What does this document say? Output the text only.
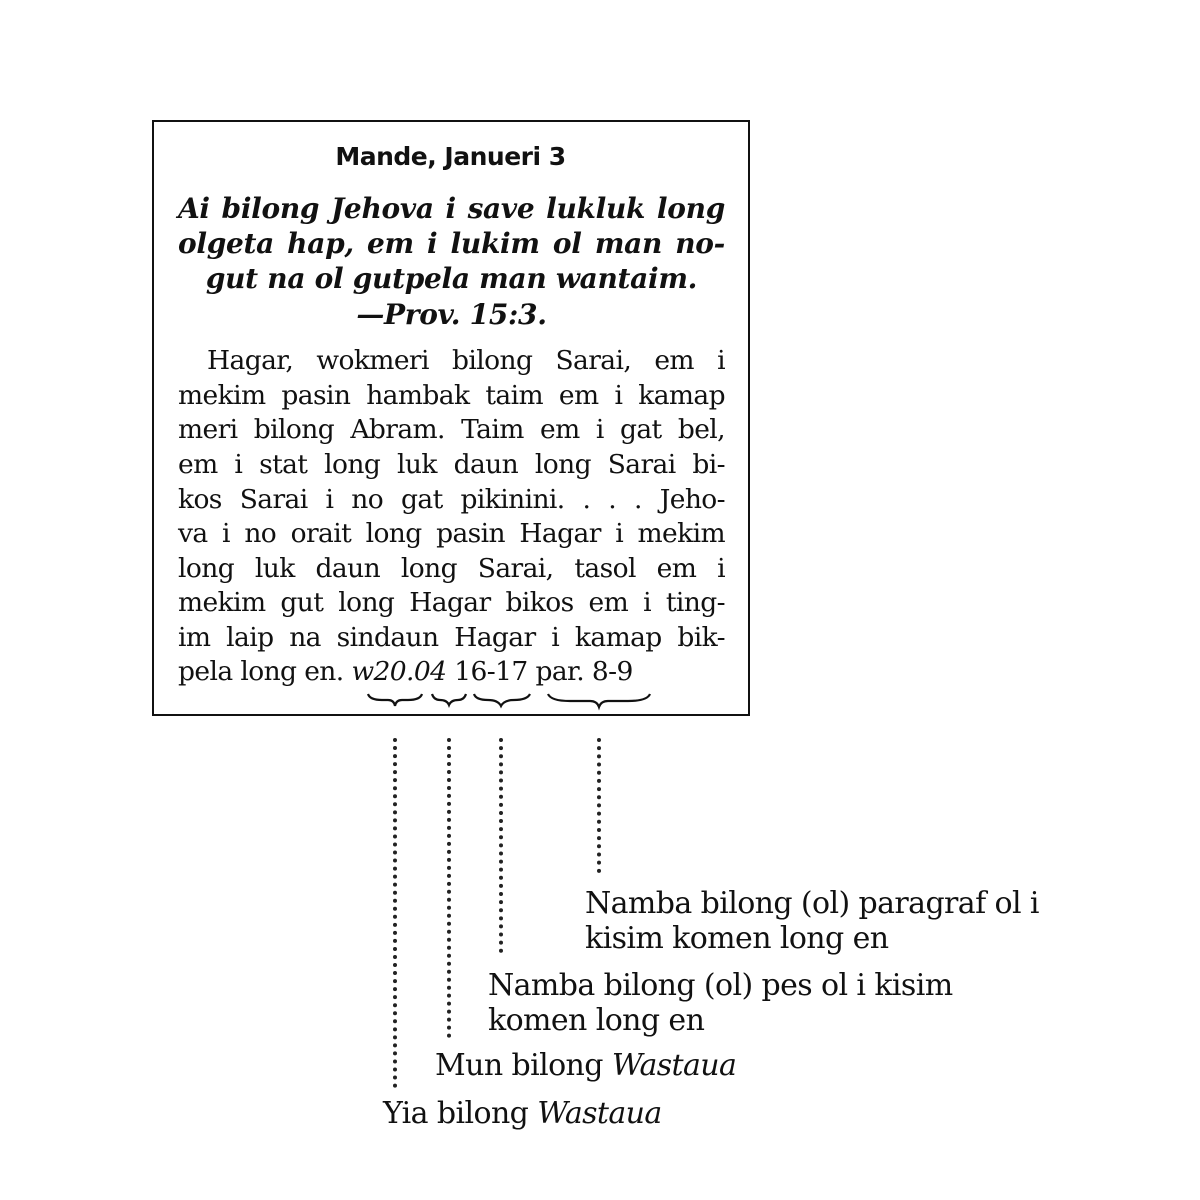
Mande, Janueri 3
Ai bilong Jehova i save lukluk long
olgeta hap, em i lukim ol man no-
gut na ol gutpela man wantaim.
—Prov. 15:3.
Hagar, wokmeri bilong Sarai, em i
mekim pasin hambak taim em i kamap
meri bilong Abram. Taim em i gat bel,
em i stat long luk daun long Sarai bi-
kos Sarai i no gat pikinini. . . . Jeho-
va i no orait long pasin Hagar i mekim
long luk daun long Sarai, tasol em i
mekim gut long Hagar bikos em i ting-
im laip na sindaun Hagar i kamap bik-
pela long en. w20.04 16-17 par. 8-9
Namba bilong (ol) paragraf ol i
kisim komen long en
Namba bilong (ol) pes ol i kisim
komen long en
Mun bilong Wastaua
Yia bilong Wastaua
